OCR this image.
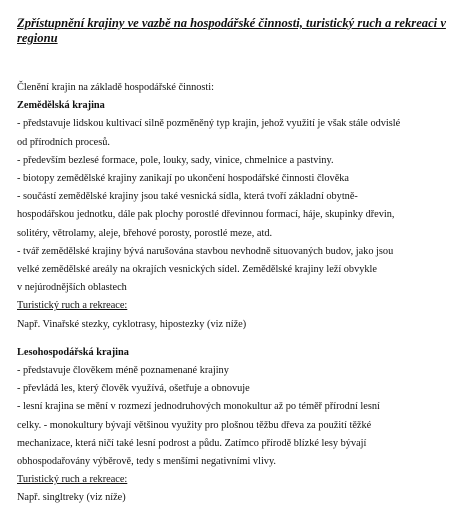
Zpřístupnění krajiny ve vazbě na hospodářské činnosti, turistický ruch a rekreaci v regionu
Členění krajin na základě hospodářské činnosti:
Zemědělská krajina
- představuje lidskou kultivací silně pozměněný typ krajin, jehož využití je však stále odvislé
od přírodních procesů.
- především bezlesé formace, pole, louky, sady, vinice, chmelnice a pastviny.
- biotopy zemědělské krajiny zanikají po ukončení hospodářské činnosti člověka
- součástí zemědělské krajiny jsou také vesnická sídla, která tvoří základní obytně-
hospodářskou jednotku, dále pak plochy porostlé dřevinnou formací, háje, skupinky dřevin,
solitéry, větrolamy, aleje, břehové porosty, porostlé meze, atd.
- tvář zemědělské krajiny bývá narušována stavbou nevhodně situovaných budov, jako jsou
velké zemědělské areály na okrajích vesnických sídel. Zemědělské krajiny leží obvykle
v nejúrodnějších oblastech
Turistický ruch a rekreace:
Např. Vinařské stezky, cyklotrasy, hipostezky (viz níže)
Lesohospodářská krajina
- představuje člověkem méně poznamenané krajiny
- převládá les, který člověk využívá, ošetřuje a obnovuje
- lesní krajina se mění v rozmezí jednodruhových monokultur až po téměř přírodní lesní
celky. - monokultury bývají většinou využity pro plošnou těžbu dřeva za použití těžké
mechanizace, která ničí také lesní podrost a půdu. Zatímco přírodě blízké lesy bývají
obhospodařovány výběrově, tedy s menšími negativními vlivy.
Turistický ruch a rekreace:
Např. singltreky (viz níže)
